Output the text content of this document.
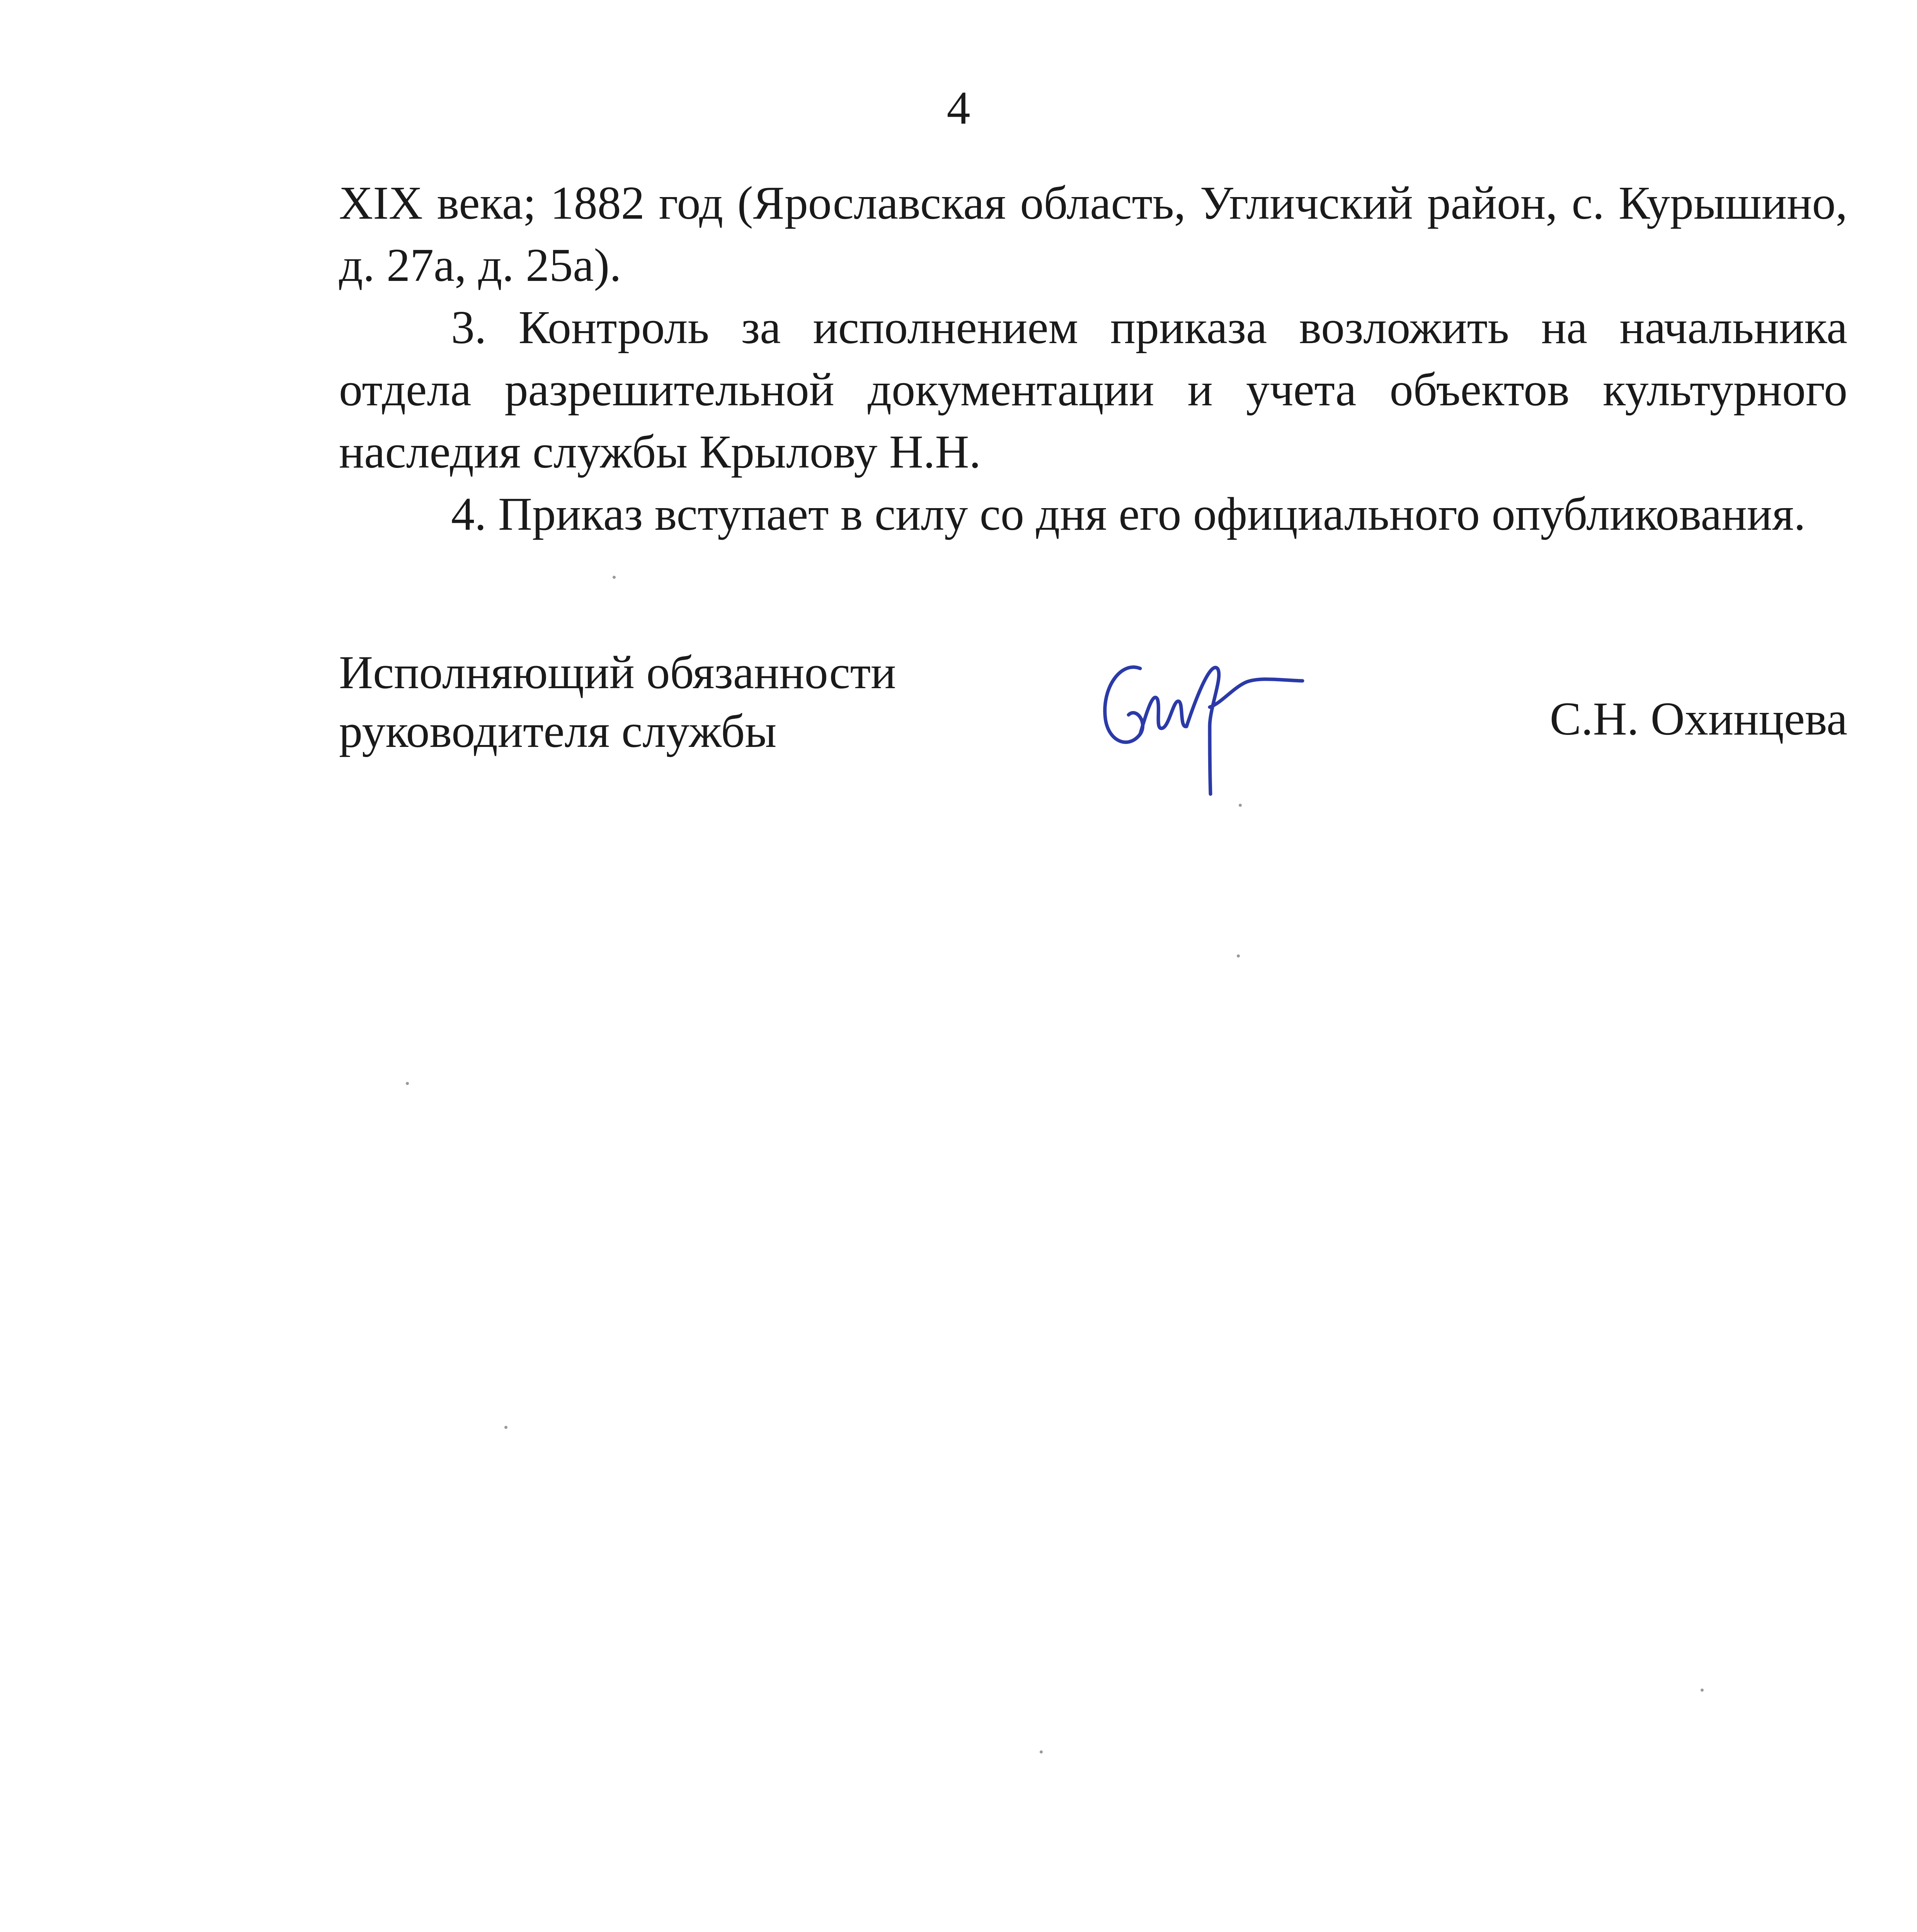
4

XIX века; 1882 год (Ярославская область, Угличский район, с. Курышино, д. 27а, д. 25а).

3. Контроль за исполнением приказа возложить на начальника отдела разрешительной документации и учета объектов культурного наследия службы Крылову Н.Н.

4. Приказ вступает в силу со дня его официального опубликования.

Исполняющий обязанности
руководителя службы	С.Н. Охинцева
